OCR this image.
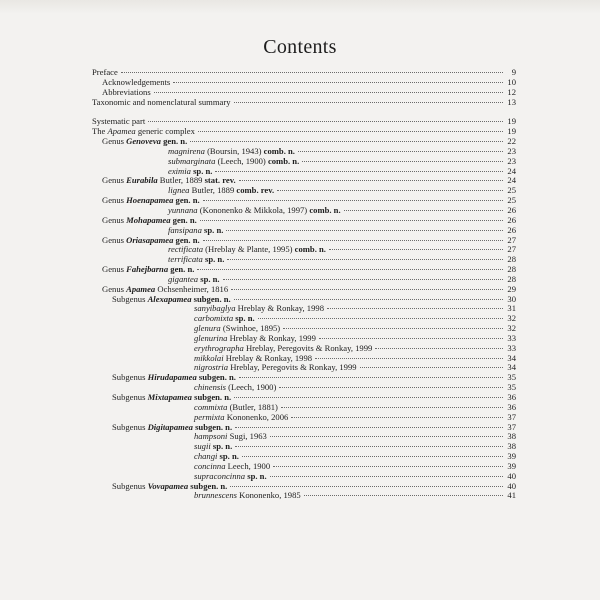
Contents
Preface	9
Acknowledgements	10
Abbreviations	12
Taxonomic and nomenclatural summary	13
Systematic part	19
The Apamea generic complex	19
Genus Genoveva gen. n.	22
magnirena (Boursin, 1943) comb. n.	23
submarginata (Leech, 1900) comb. n.	23
eximia sp. n.	24
Genus Eurabila Butler, 1889 stat. rev.	24
lignea Butler, 1889 comb. rev.	25
Genus Hoenapamea gen. n.	25
yunnana (Kononenko & Mikkola, 1997) comb. n.	26
Genus Mohapamea gen. n.	26
fansipana sp. n.	26
Genus Oriasapamea gen. n.	27
rectificata (Hreblay & Plante, 1995) comb. n.	27
terrificata sp. n.	28
Genus Fahejbarna gen. n.	28
gigantea sp. n.	28
Genus Apamea Ochsenheimer, 1816	29
Subgenus Alexapamea subgen. n.	30
sanyibaglya Hreblay & Ronkay, 1998	31
carbomixta sp. n.	32
glenura (Swinhoe, 1895)	32
glenurina Hreblay & Ronkay, 1999	33
erythrographa Hreblay, Peregovits & Ronkay, 1999	33
mikkolai Hreblay & Ronkay, 1998	34
nigrostria Hreblay, Peregovits & Ronkay, 1999	34
Subgenus Hirudapamea subgen. n.	35
chinensis (Leech, 1900)	35
Subgenus Mixtapamea subgen. n.	36
commixta (Butler, 1881)	36
permixta Kononenko, 2006	37
Subgenus Digitapamea subgen. n.	37
hampsoni Sugi, 1963	38
sugii sp. n.	38
changi sp. n.	39
concinna Leech, 1900	39
supraconcinna sp. n.	40
Subgenus Vovapamea subgen. n.	40
brunnescens Kononenko, 1985	41
